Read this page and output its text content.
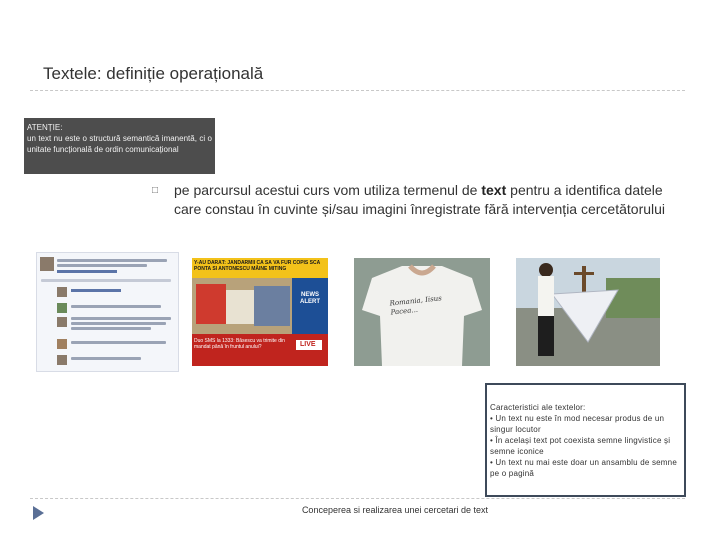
Textele: definiție operațională
ATENȚIE:
un text nu este o structură semantică imanentă, ci o unitate funcțională de ordin comunicațional
□ pe parcursul acestui curs vom utiliza termenul de text pentru a identifica datele care constau în cuvinte și/sau imagini înregistrate fără intervenția cercetătorului
Y-AU DĂRÂT: JANDARMII CA SĂ VA FUR COPIS SCA PONTA SI ANTONESCU MÂINE MITING
NEWS ALERT
Duo SMS la 1333: Băsescu va trimite din mandat până în fruntul anului?	LIVE
Romania, Iisus Pacea...
Caracteristici ale textelor:
• Un text nu este în mod necesar produs de un singur locutor
• În același text pot coexista semne lingvistice și semne iconice
• Un text nu mai este doar un ansamblu de semne pe o pagină
Conceperea si realizarea unei cercetari de text
